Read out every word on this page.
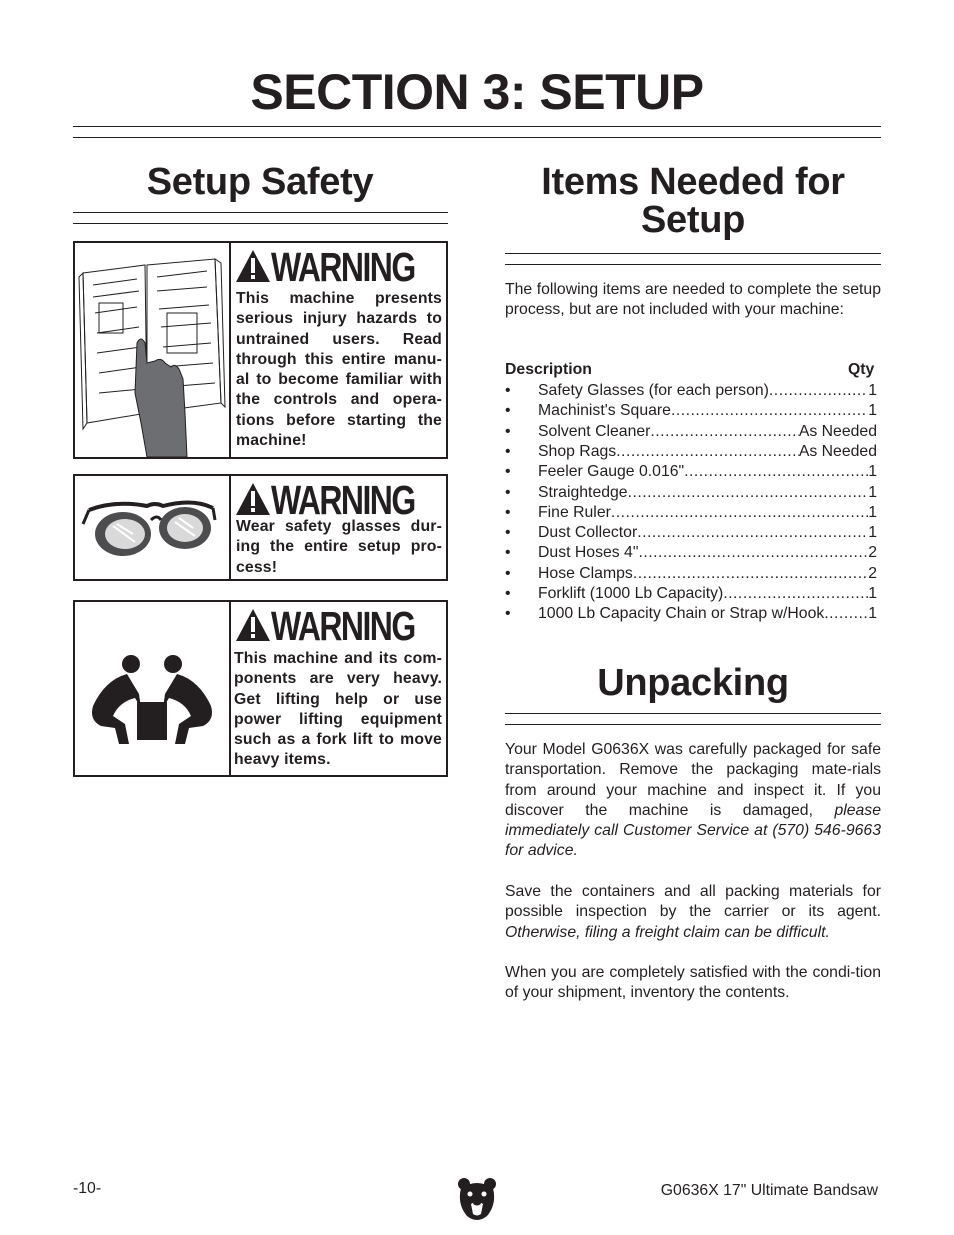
SECTION 3: SETUP
Setup Safety
WARNING
This machine presents serious injury hazards to untrained users. Read through this entire manu-al to become familiar with the controls and opera-tions before starting the machine!
WARNING
Wear safety glasses dur-ing the entire setup pro-cess!
WARNING
This machine and its com-ponents are very heavy. Get lifting help or use power lifting equipment such as a fork lift to move heavy items.
Items Needed for
Setup
The following items are needed to complete the setup process, but are not included with your machine:
Description	Qty
• Safety Glasses (for each person) .....	1
• Machinist's Square .....	1
• Solvent Cleaner .....	As Needed
• Shop Rags .....	As Needed
• Feeler Gauge 0.016" .....	1
• Straightedge .....	1
• Fine Ruler .....	1
• Dust Collector .....	1
• Dust Hoses 4" .....	2
• Hose Clamps .....	2
• Forklift (1000 Lb Capacity) .....	1
• 1000 Lb Capacity Chain or Strap w/Hook .....	1
Unpacking
Your Model G0636X was carefully packaged for safe transportation. Remove the packaging mate-rials from around your machine and inspect it. If you discover the machine is damaged, please immediately call Customer Service at (570) 546-9663 for advice.
Save the containers and all packing materials for possible inspection by the carrier or its agent. Otherwise, filing a freight claim can be difficult.
When you are completely satisfied with the condi-tion of your shipment, inventory the contents.
-10-	G0636X 17" Ultimate Bandsaw
